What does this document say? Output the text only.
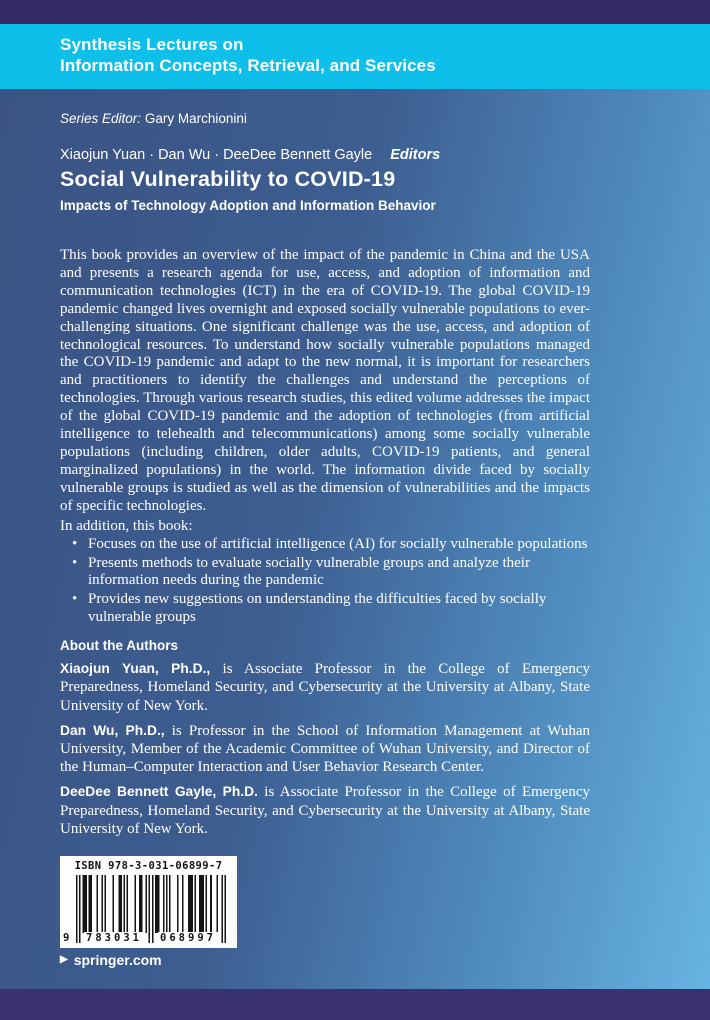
Synthesis Lectures on
Information Concepts, Retrieval, and Services
Series Editor: Gary Marchionini
Xiaojun Yuan · Dan Wu · DeeDee Bennett Gayle Editors
Social Vulnerability to COVID-19
Impacts of Technology Adoption and Information Behavior
This book provides an overview of the impact of the pandemic in China and the USA and presents a research agenda for use, access, and adoption of information and communication technologies (ICT) in the era of COVID-19. The global COVID-19 pandemic changed lives overnight and exposed socially vulnerable populations to ever-challenging situations. One significant challenge was the use, access, and adoption of technological resources. To understand how socially vulnerable populations managed the COVID-19 pandemic and adapt to the new normal, it is important for researchers and practitioners to identify the challenges and understand the perceptions of technologies. Through various research studies, this edited volume addresses the impact of the global COVID-19 pandemic and the adoption of technologies (from artificial intelligence to telehealth and telecommunications) among some socially vulnerable populations (including children, older adults, COVID-19 patients, and general marginalized populations) in the world. The information divide faced by socially vulnerable groups is studied as well as the dimension of vulnerabilities and the impacts of specific technologies.
In addition, this book:
• Focuses on the use of artificial intelligence (AI) for socially vulnerable populations
• Presents methods to evaluate socially vulnerable groups and analyze their information needs during the pandemic
• Provides new suggestions on understanding the difficulties faced by socially vulnerable groups
About the Authors

Xiaojun Yuan, Ph.D., is Associate Professor in the College of Emergency Preparedness, Homeland Security, and Cybersecurity at the University at Albany, State University of New York.

Dan Wu, Ph.D., is Professor in the School of Information Management at Wuhan University, Member of the Academic Committee of Wuhan University, and Director of the Human–Computer Interaction and User Behavior Research Center.

DeeDee Bennett Gayle, Ph.D. is Associate Professor in the College of Emergency Preparedness, Homeland Security, and Cybersecurity at the University at Albany, State University of New York.

ISBN 978-3-031-06899-7
9 783031 068997
▶ springer.com
